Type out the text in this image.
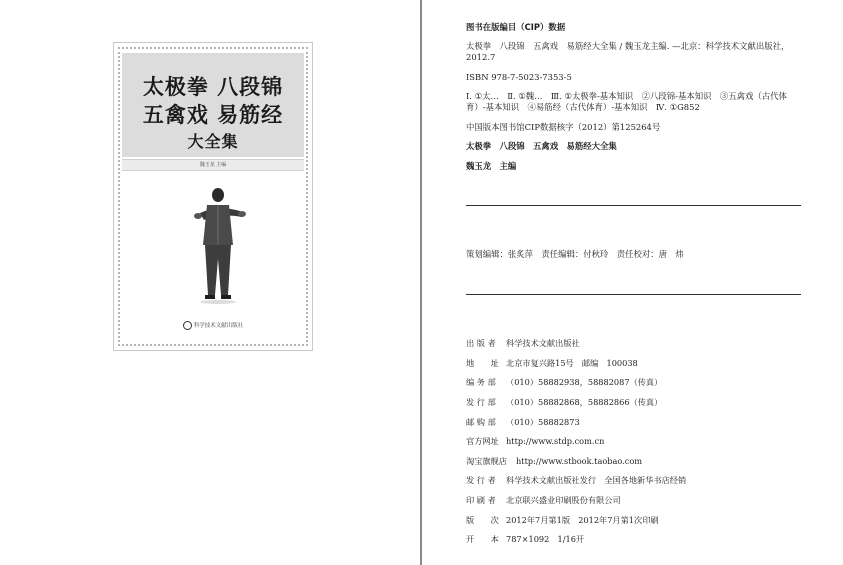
太极拳 八段锦
五禽戏 易筋经
大全集
魏玉龙 主编
科学技术文献出版社
图书在版编目（CIP）数据
太极拳　八段锦　五禽戏　易筋经大全集 / 魏玉龙主编. —北京：科学技术文献出版社，2012.7
ISBN 978-7-5023-7353-5
Ⅰ. ①太…　Ⅱ. ①魏…　Ⅲ. ①太极拳-基本知识　②八段锦-基本知识　③五禽戏（古代体育）-基本知识　④易筋经（古代体育）-基本知识　Ⅳ. ①G852
中国版本图书馆CIP数据核字（2012）第125264号
太极拳　八段锦　五禽戏　易筋经大全集
魏玉龙　主编
策划编辑：张炙萍　责任编辑：付秋玲　责任校对：唐　炜
出 版 者 科学技术文献出版社
地　　址 北京市复兴路15号　邮编　100038
编 务 部 （010）58882938，58882087（传真）
发 行 部 （010）58882868，58882866（传真）
邮 购 部 （010）58882873
官方网址 http://www.stdp.com.cn
淘宝旗舰店 http://www.stbook.taobao.com
发 行 者 科学技术文献出版社发行　全国各地新华书店经销
印 刷 者 北京联兴盛业印刷股份有限公司
版　　次 2012年7月第1版　2012年7月第1次印刷
开　　本 787×1092　1/16开
